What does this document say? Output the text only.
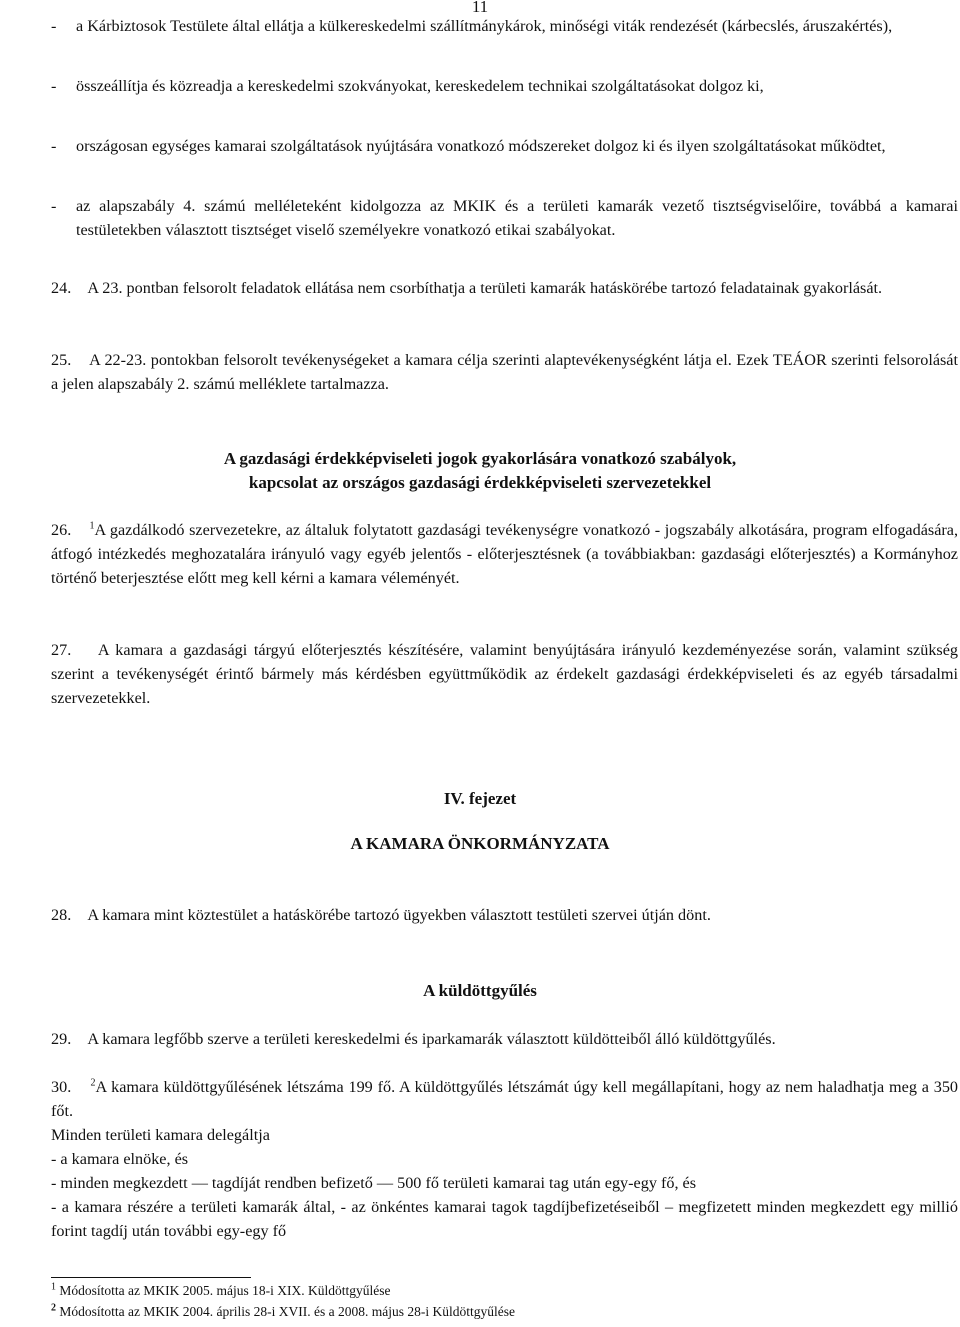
11
- a Kárbiztosok Testülete által ellátja a külkereskedelmi szállítmánykárok, minőségi viták rendezését (kárbecslés, áruszakértés),
- összeállítja és közreadja a kereskedelmi szokványokat, kereskedelem technikai szolgáltatásokat dolgoz ki,
- országosan egységes kamarai szolgáltatások nyújtására vonatkozó módszereket dolgoz ki és ilyen szolgáltatásokat működtet,
- az alapszabály 4. számú melléleteként kidolgozza az MKIK és a területi kamarák vezető tisztségviselőire, továbbá a kamarai testületekben választott tisztséget viselő személyekre vonatkozó etikai szabályokat.
24. A 23. pontban felsorolt feladatok ellátása nem csorbíthatja a területi kamarák hatáskörébe tartozó feladatainak gyakorlását.
25. A 22-23. pontokban felsorolt tevékenységeket a kamara célja szerinti alaptevékenységként látja el. Ezek TEÁOR szerinti felsorolását a jelen alapszabály 2. számú melléklete tartalmazza.
A gazdasági érdekképviseleti jogok gyakorlására vonatkozó szabályok,
kapcsolat az országos gazdasági érdekképviseleti szervezetekkel
26. $^1$A gazdálkodó szervezetekre, az általuk folytatott gazdasági tevékenységre vonatkozó - jogszabály alkotására, program elfogadására, átfogó intézkedés meghozatalára irányuló vagy egyéb jelentős - előterjesztésnek (a továbbiakban: gazdasági előterjesztés) a Kormányhoz történő beterjesztése előtt meg kell kérni a kamara véleményét.
27. A kamara a gazdasági tárgyú előterjesztés készítésére, valamint benyújtására irányuló kezdeményezése során, valamint szükség szerint a tevékenységét érintő bármely más kérdésben együttműködik az érdekelt gazdasági érdekképviseleti és az egyéb társadalmi szervezetekkel.
IV. fejezet
A KAMARA ÖNKORMÁNYZATA
28. A kamara mint köztestület a hatáskörébe tartozó ügyekben választott testületi szervei útján dönt.
A küldöttgyűlés
29. A kamara legfőbb szerve a területi kereskedelmi és iparkamarák választott küldötteiből álló küldöttgyűlés.
30. $^2$A kamara küldöttgyűlésének létszáma 199 fő. A küldöttgyűlés létszámát úgy kell megállapítani, hogy az nem haladhatja meg a 350 főt.
Minden területi kamara delegáltja
- a kamara elnöke, és
- minden megkezdett — tagdíját rendben befizető — 500 fő területi kamarai tag után egy-egy fő, és
- a kamara részére a területi kamarák által, - az önkéntes kamarai tagok tagdíjbefizetéseiből – megfizetett minden megkezdett egy millió forint tagdíj után további egy-egy fő
$^1$ Módosította az MKIK 2005. május 18-i XIX. Küldöttgyűlése
$^2$ Módosította az MKIK 2004. április 28-i XVII. és a 2008. május 28-i Küldöttgyűlése
